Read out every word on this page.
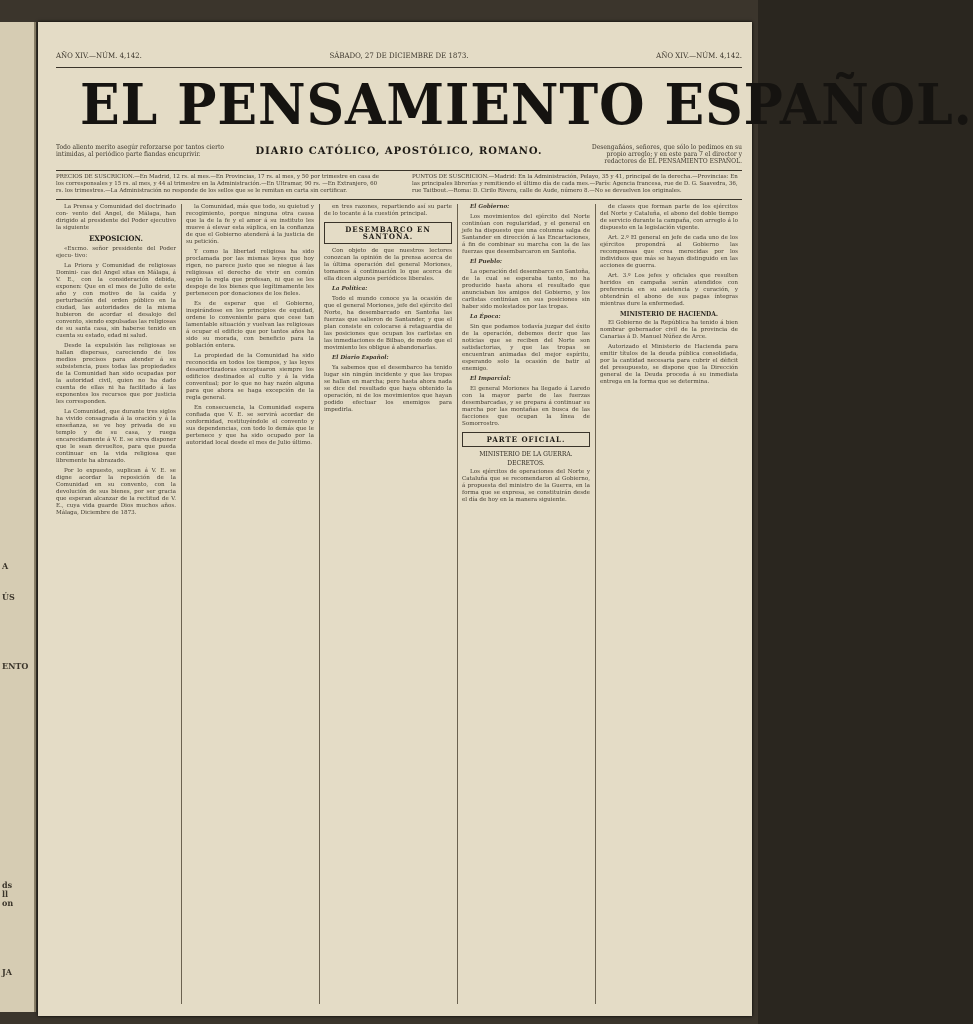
A
ÚS
ENTO
ds
ll
on
JA
AÑO XIV.—NÚM. 4,142.	SÁBADO, 27 DE DICIEMBRE DE 1873.	AÑO XIV.—NÚM. 4,142.
EL PENSAMIENTO ESPAÑOL.
Todo aliento merito asegúr reforzarse por tantos cierto intimidas, al periódico parte fiandas encuprivir.	DIARIO CATÓLICO, APOSTÓLICO, ROMANO.	Desengañáos, señores, que sólo lo pedimos en su propio arreglo; y en este para 7 el director y redactores de EL PENSAMIENTO ESPAÑOL.
PRECIOS DE SUSCRICION.—En Madrid, 12 rs. al mes.—En Provincias, 17 rs. al mes, y 50 por trimestre en casa de los corresponsales y 15 rs. al mes, y 44 al trimestre en la Administración.—En Ultramar, 90 rs. —En Extranjero, 60 rs. los trimestres.—La Administración no responde de los sellos que se le remitan en carta sin certificar.
PUNTOS DE SUSCRICION.—Madrid: En la Administración, Pelayo, 35 y 41, principal de la derecha.—Provincias: En las principales librerías y remitiendo el último día de cada mes.—París: Agencia francesa, rue de D. G. Saavedra, 36, rue Taitbout.—Roma: D. Cirilo Rivera, calle de Aude, número 8.—No se devuelven los originales.

La Prensa y Comunidad del doctrinado con- vento del Angel, de Málaga, han dirigido al presidente del Poder ejecutivo la siguiente

EXPOSICION.

«Excmo. señor presidente del Poder ejecu- tivo:

La Priora y Comunidad de religiosas Domini- cas del Angel sitas en Málaga, á V. E., con la consideración debida, exponen: Que en el mes de Julio de este año y con motivo de la caída y perturbación del orden público en la ciudad, las autoridades de la misma hubieron de acordar el desalojo del convento, siendo expulsadas las religiosas de su santa casa, sin haberse tenido en cuenta su estado, edad ni salud.

Desde la expulsión las religiosas se hallan dispersas, careciendo de los medios precisos para atender á su subsistencia, pues todas las propiedades de la Comunidad han sido ocupadas por la autoridad civil, quien no ha dado cuenta de ellas ni ha facilitado á las exponentes los recursos que por justicia les corresponden.

La Comunidad, que durante tres siglos ha vivido consagrada á la oración y á la enseñanza, se ve hoy privada de su templo y de su casa, y ruega encarecidamente á V. E. se sirva disponer que le sean devueltos, para que pueda continuar en la vida religiosa que libremente ha abrazado.

Por lo expuesto, suplican á V. E. se digne acordar la reposición de la Comunidad en su convento, con la devolución de sus bienes, por ser gracia que esperan alcanzar de la rectitud de V. E., cuya vida guarde Dios muchos años. Málaga, Diciembre de 1873.

la Comunidad, más que todo, su quietud y recogimiento, porque ninguna otra causa que la de la fe y el amor á su instituto les mueve á elevar esta súplica, en la confianza de que el Gobierno atenderá á la justicia de su petición.

Y como la libertad religiosa ha sido proclamada por las mismas leyes que hoy rigen, no parece justo que se niegue á las religiosas el derecho de vivir en común según la regla que profesan, ni que se les despoje de los bienes que legítimamente les pertenecen por donaciones de los fieles.

Es de esperar que el Gobierno, inspirándose en los principios de equidad, ordene lo conveniente para que cese tan lamentable situación y vuelvan las religiosas á ocupar el edificio que por tantos años ha sido su morada, con beneficio para la población entera.

La propiedad de la Comunidad ha sido reconocida en todos los tiempos, y las leyes desamortizadoras exceptuaron siempre los edificios destinados al culto y á la vida conventual; por lo que no hay razón alguna para que ahora se haga excepción de la regla general.

En consecuencia, la Comunidad espera confiada que V. E. se servirá acordar de conformidad, restituyéndole el convento y sus dependencias, con todo lo demás que le pertenece y que ha sido ocupado por la autoridad local desde el mes de Julio último.

en tres razones, repartiendo así su parte de lo tocante á la cuestión principal.

DESEMBARCO EN SANTOÑA.

Con objeto de que nuestros lectores conozcan la opinión de la prensa acerca de la última operación del general Moriones, tomamos á continuación lo que acerca de ella dicen algunos periódicos liberales.

La Política:

Todo el mundo conoce ya la ocasión de que el general Moriones, jefe del ejército del Norte, ha desembarcado en Santoña las fuerzas que salieron de Santander, y que el plan consiste en colocarse á retaguardia de las posiciones que ocupan los carlistas en las inmediaciones de Bilbao, de modo que el movimiento les obligue á abandonarlas.

El Diario Español:

Ya sabemos que el desembarco ha tenido lugar sin ningún incidente y que las tropas se hallan en marcha; pero hasta ahora nada se dice del resultado que haya obtenido la operación, ni de los movimientos que hayan podido efectuar los enemigos para impedirla.

El Gobierno:

Los movimientos del ejército del Norte continúan con regularidad, y el general en jefe ha dispuesto que una columna salga de Santander en dirección á las Encartaciones, á fin de combinar su marcha con la de las fuerzas que desembarcaron en Santoña.

El Pueblo:

La operación del desembarco en Santoña, de la cual se esperaba tanto, no ha producido hasta ahora el resultado que anunciaban los amigos del Gobierno, y los carlistas continúan en sus posiciones sin haber sido molestados por las tropas.

La Época:

Sin que podamos todavía juzgar del éxito de la operación, debemos decir que las noticias que se reciben del Norte son satisfactorias, y que las tropas se encuentran animadas del mejor espíritu, esperando solo la ocasión de batir al enemigo.

El Imparcial:

El general Moriones ha llegado á Laredo con la mayor parte de las fuerzas desembarcadas, y se prepara á continuar su marcha por las montañas en busca de las facciones que ocupan la línea de Somorrostro.

PARTE OFICIAL.
MINISTERIO DE LA GUERRA.
DECRETOS.

Los ejércitos de operaciones del Norte y Cataluña que se recomendaron al Gobierno, á propuesta del ministro de la Guerra, en la forma que se expresa, se constituirán desde el día de hoy en la manera siguiente.

de clases que forman parte de los ejércitos del Norte y Cataluña, el abono del doble tiempo de servicio durante la campaña, con arreglo á lo dispuesto en la legislación vigente.

Art. 2.º El general en jefe de cada uno de los ejércitos propondrá al Gobierno las recompensas que crea merecidas por los individuos que más se hayan distinguido en las acciones de guerra.

Art. 3.º Los jefes y oficiales que resulten heridos en campaña serán atendidos con preferencia en su asistencia y curación, y obtendrán el abono de sus pagas íntegras mientras dure la enfermedad.

MINISTERIO DE HACIENDA.

El Gobierno de la República ha tenido á bien nombrar gobernador civil de la provincia de Canarias á D. Manuel Núñez de Arce.

Autorizado el Ministerio de Hacienda para emitir títulos de la deuda pública consolidada, por la cantidad necesaria para cubrir el déficit del presupuesto, se dispone que la Dirección general de la Deuda proceda á su inmediata entrega en la forma que se determina.
